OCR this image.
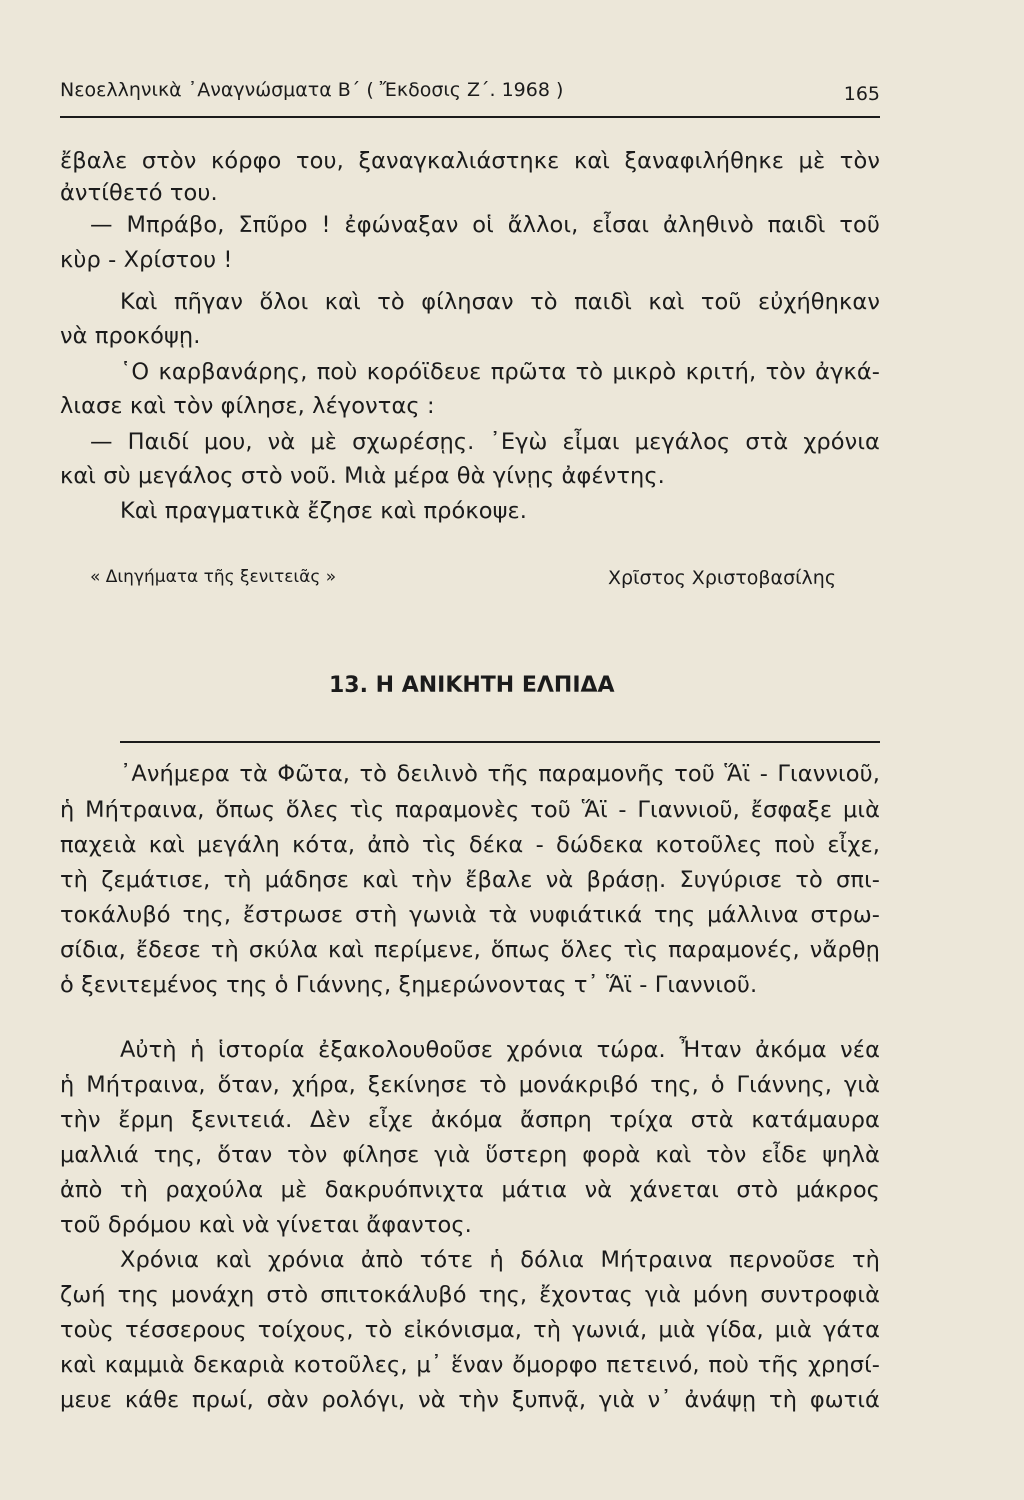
Νεοελληνικὰ ᾿Αναγνώσματα Β΄ ( Ἔκδοσις Ζ΄. 1968 )	165
ἔβαλε στὸν κόρφο του, ξαναγκαλιάστηκε καὶ ξαναφιλήθηκε μὲ τὸν
ἀντίθετό του.
— Μπράβο, Σπῦρο ! ἐφώναξαν οἱ ἄλλοι, εἶσαι ἀληθινὸ παιδὶ τοῦ
κὺρ - Χρίστου !
Καὶ πῆγαν ὅλοι καὶ τὸ φίλησαν τὸ παιδὶ καὶ τοῦ εὐχήθηκαν
νὰ προκόψῃ.
῾Ο καρβανάρης, ποὺ κορόϊδευε πρῶτα τὸ μικρὸ κριτή, τὸν ἀγκά-
λιασε καὶ τὸν φίλησε, λέγοντας :
— Παιδί μου, νὰ μὲ σχωρέσῃς. ᾿Εγὼ εἶμαι μεγάλος στὰ χρόνια
καὶ σὺ μεγάλος στὸ νοῦ. Μιὰ μέρα θὰ γίνῃς ἀφέντης.
Καὶ πραγματικὰ ἔζησε καὶ πρόκοψε.
« Διηγήματα τῆς ξενιτειᾶς »	Χρῖστος Χριστοβασίλης
13. Η ΑΝΙΚΗΤΗ ΕΛΠΙΔΑ
᾿Ανήμερα τὰ Φῶτα, τὸ δειλινὸ τῆς παραμονῆς τοῦ Ἅϊ - Γιαννιοῦ,
ἡ Μήτραινα, ὅπως ὅλες τὶς παραμονὲς τοῦ Ἅϊ - Γιαννιοῦ, ἔσφαξε μιὰ
παχειὰ καὶ μεγάλη κότα, ἀπὸ τὶς δέκα - δώδεκα κοτοῦλες ποὺ εἶχε,
τὴ ζεμάτισε, τὴ μάδησε καὶ τὴν ἔβαλε νὰ βράσῃ. Συγύρισε τὸ σπι-
τοκάλυβό της, ἔστρωσε στὴ γωνιὰ τὰ νυφιάτικά της μάλλινα στρω-
σίδια, ἔδεσε τὴ σκύλα καὶ περίμενε, ὅπως ὅλες τὶς παραμονές, νἄρθῃ
ὁ ξενιτεμένος της ὁ Γιάννης, ξημερώνοντας τ᾿ Ἅϊ - Γιαννιοῦ.
Αὐτὴ ἡ ἱστορία ἐξακολουθοῦσε χρόνια τώρα. Ἦταν ἀκόμα νέα
ἡ Μήτραινα, ὅταν, χήρα, ξεκίνησε τὸ μονάκριβό της, ὁ Γιάννης, γιὰ
τὴν ἔρμη ξενιτειά. Δὲν εἶχε ἀκόμα ἄσπρη τρίχα στὰ κατάμαυρα
μαλλιά της, ὅταν τὸν φίλησε γιὰ ὕστερη φορὰ καὶ τὸν εἶδε ψηλὰ
ἀπὸ τὴ ραχούλα μὲ δακρυόπνιχτα μάτια νὰ χάνεται στὸ μάκρος
τοῦ δρόμου καὶ νὰ γίνεται ἄφαντος.
Χρόνια καὶ χρόνια ἀπὸ τότε ἡ δόλια Μήτραινα περνοῦσε τὴ
ζωή της μονάχη στὸ σπιτοκάλυβό της, ἔχοντας γιὰ μόνη συντροφιὰ
τοὺς τέσσερους τοίχους, τὸ εἰκόνισμα, τὴ γωνιά, μιὰ γίδα, μιὰ γάτα
καὶ καμμιὰ δεκαριὰ κοτοῦλες, μ᾿ ἕναν ὄμορφο πετεινό, ποὺ τῆς χρησί-
μευε κάθε πρωί, σὰν ρολόγι, νὰ τὴν ξυπνᾷ, γιὰ ν᾿ ἀνάψῃ τὴ φωτιά
